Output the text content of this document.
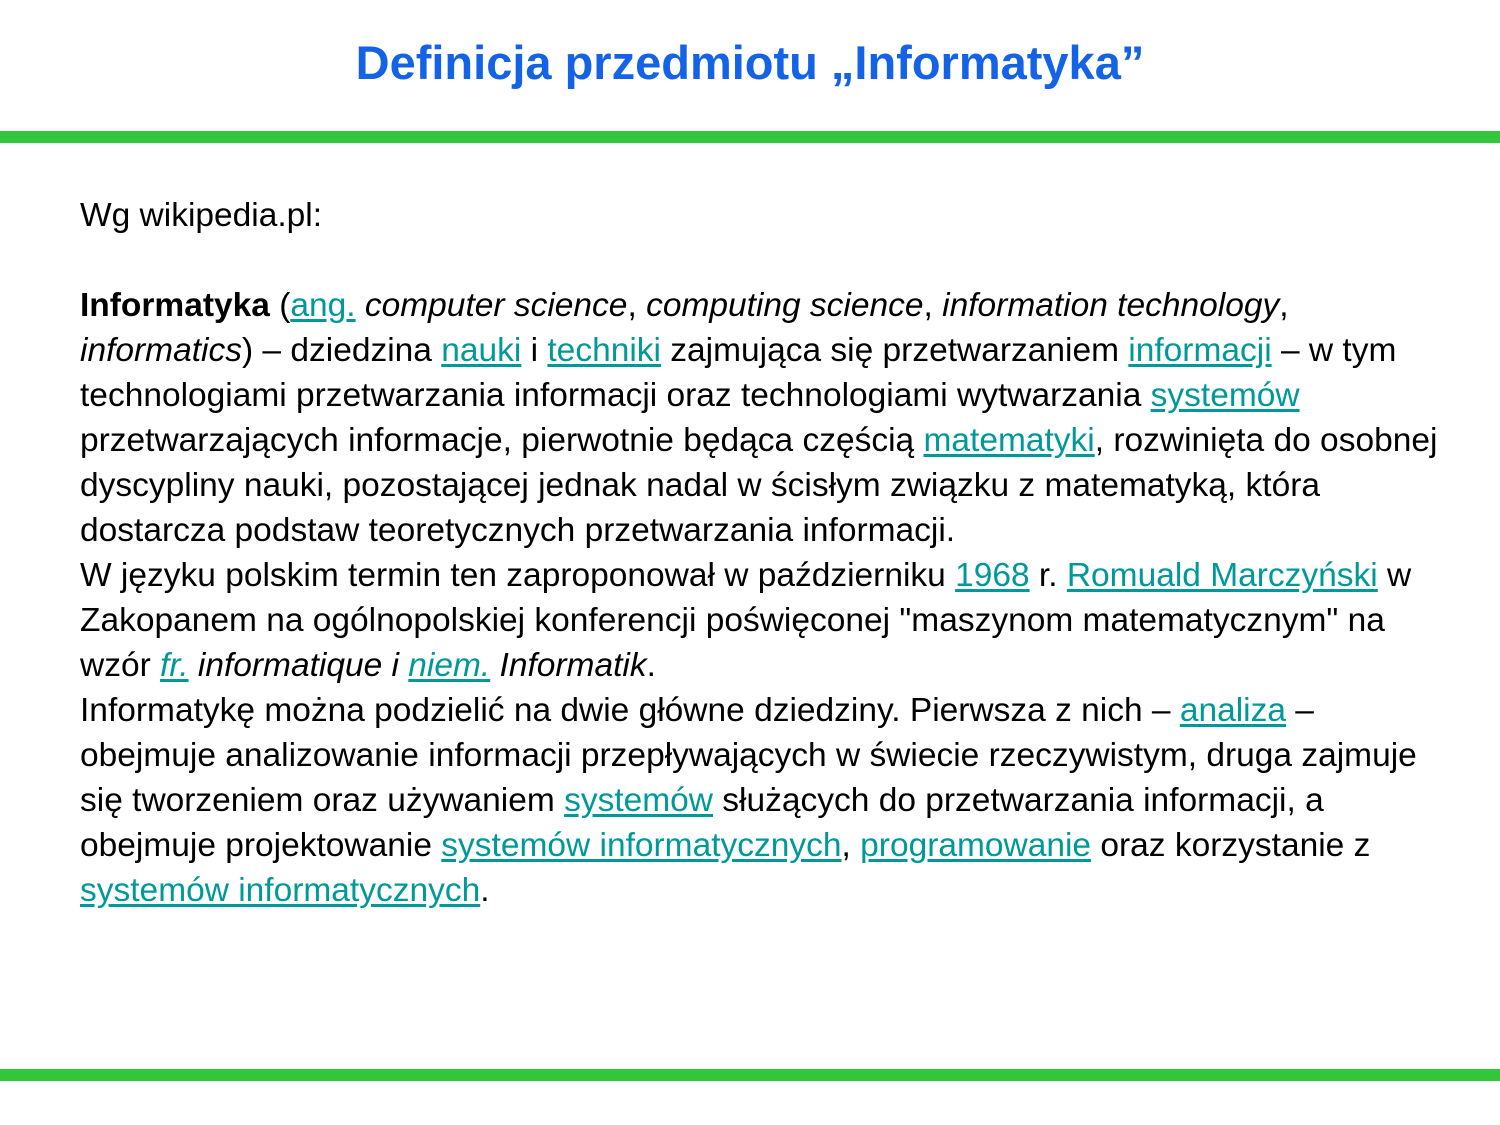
Definicja przedmiotu „Informatyka”

Wg wikipedia.pl:

Informatyka (ang. computer science, computing science, information technology, informatics) – dziedzina nauki i techniki zajmująca się przetwarzaniem informacji – w tym technologiami przetwarzania informacji oraz technologiami wytwarzania systemów przetwarzających informacje, pierwotnie będąca częścią matematyki, rozwinięta do osobnej dyscypliny nauki, pozostającej jednak nadal w ścisłym związku z matematyką, która dostarcza podstaw teoretycznych przetwarzania informacji.

W języku polskim termin ten zaproponował w październiku 1968 r. Romuald Marczyński w Zakopanem na ogólnopolskiej konferencji poświęconej "maszynom matematycznym" na wzór fr. informatique i niem. Informatik.

Informatykę można podzielić na dwie główne dziedziny. Pierwsza z nich – analiza – obejmuje analizowanie informacji przepływających w świecie rzeczywistym, druga zajmuje się tworzeniem oraz używaniem systemów służących do przetwarzania informacji, a obejmuje projektowanie systemów informatycznych, programowanie oraz korzystanie z systemów informatycznych.
